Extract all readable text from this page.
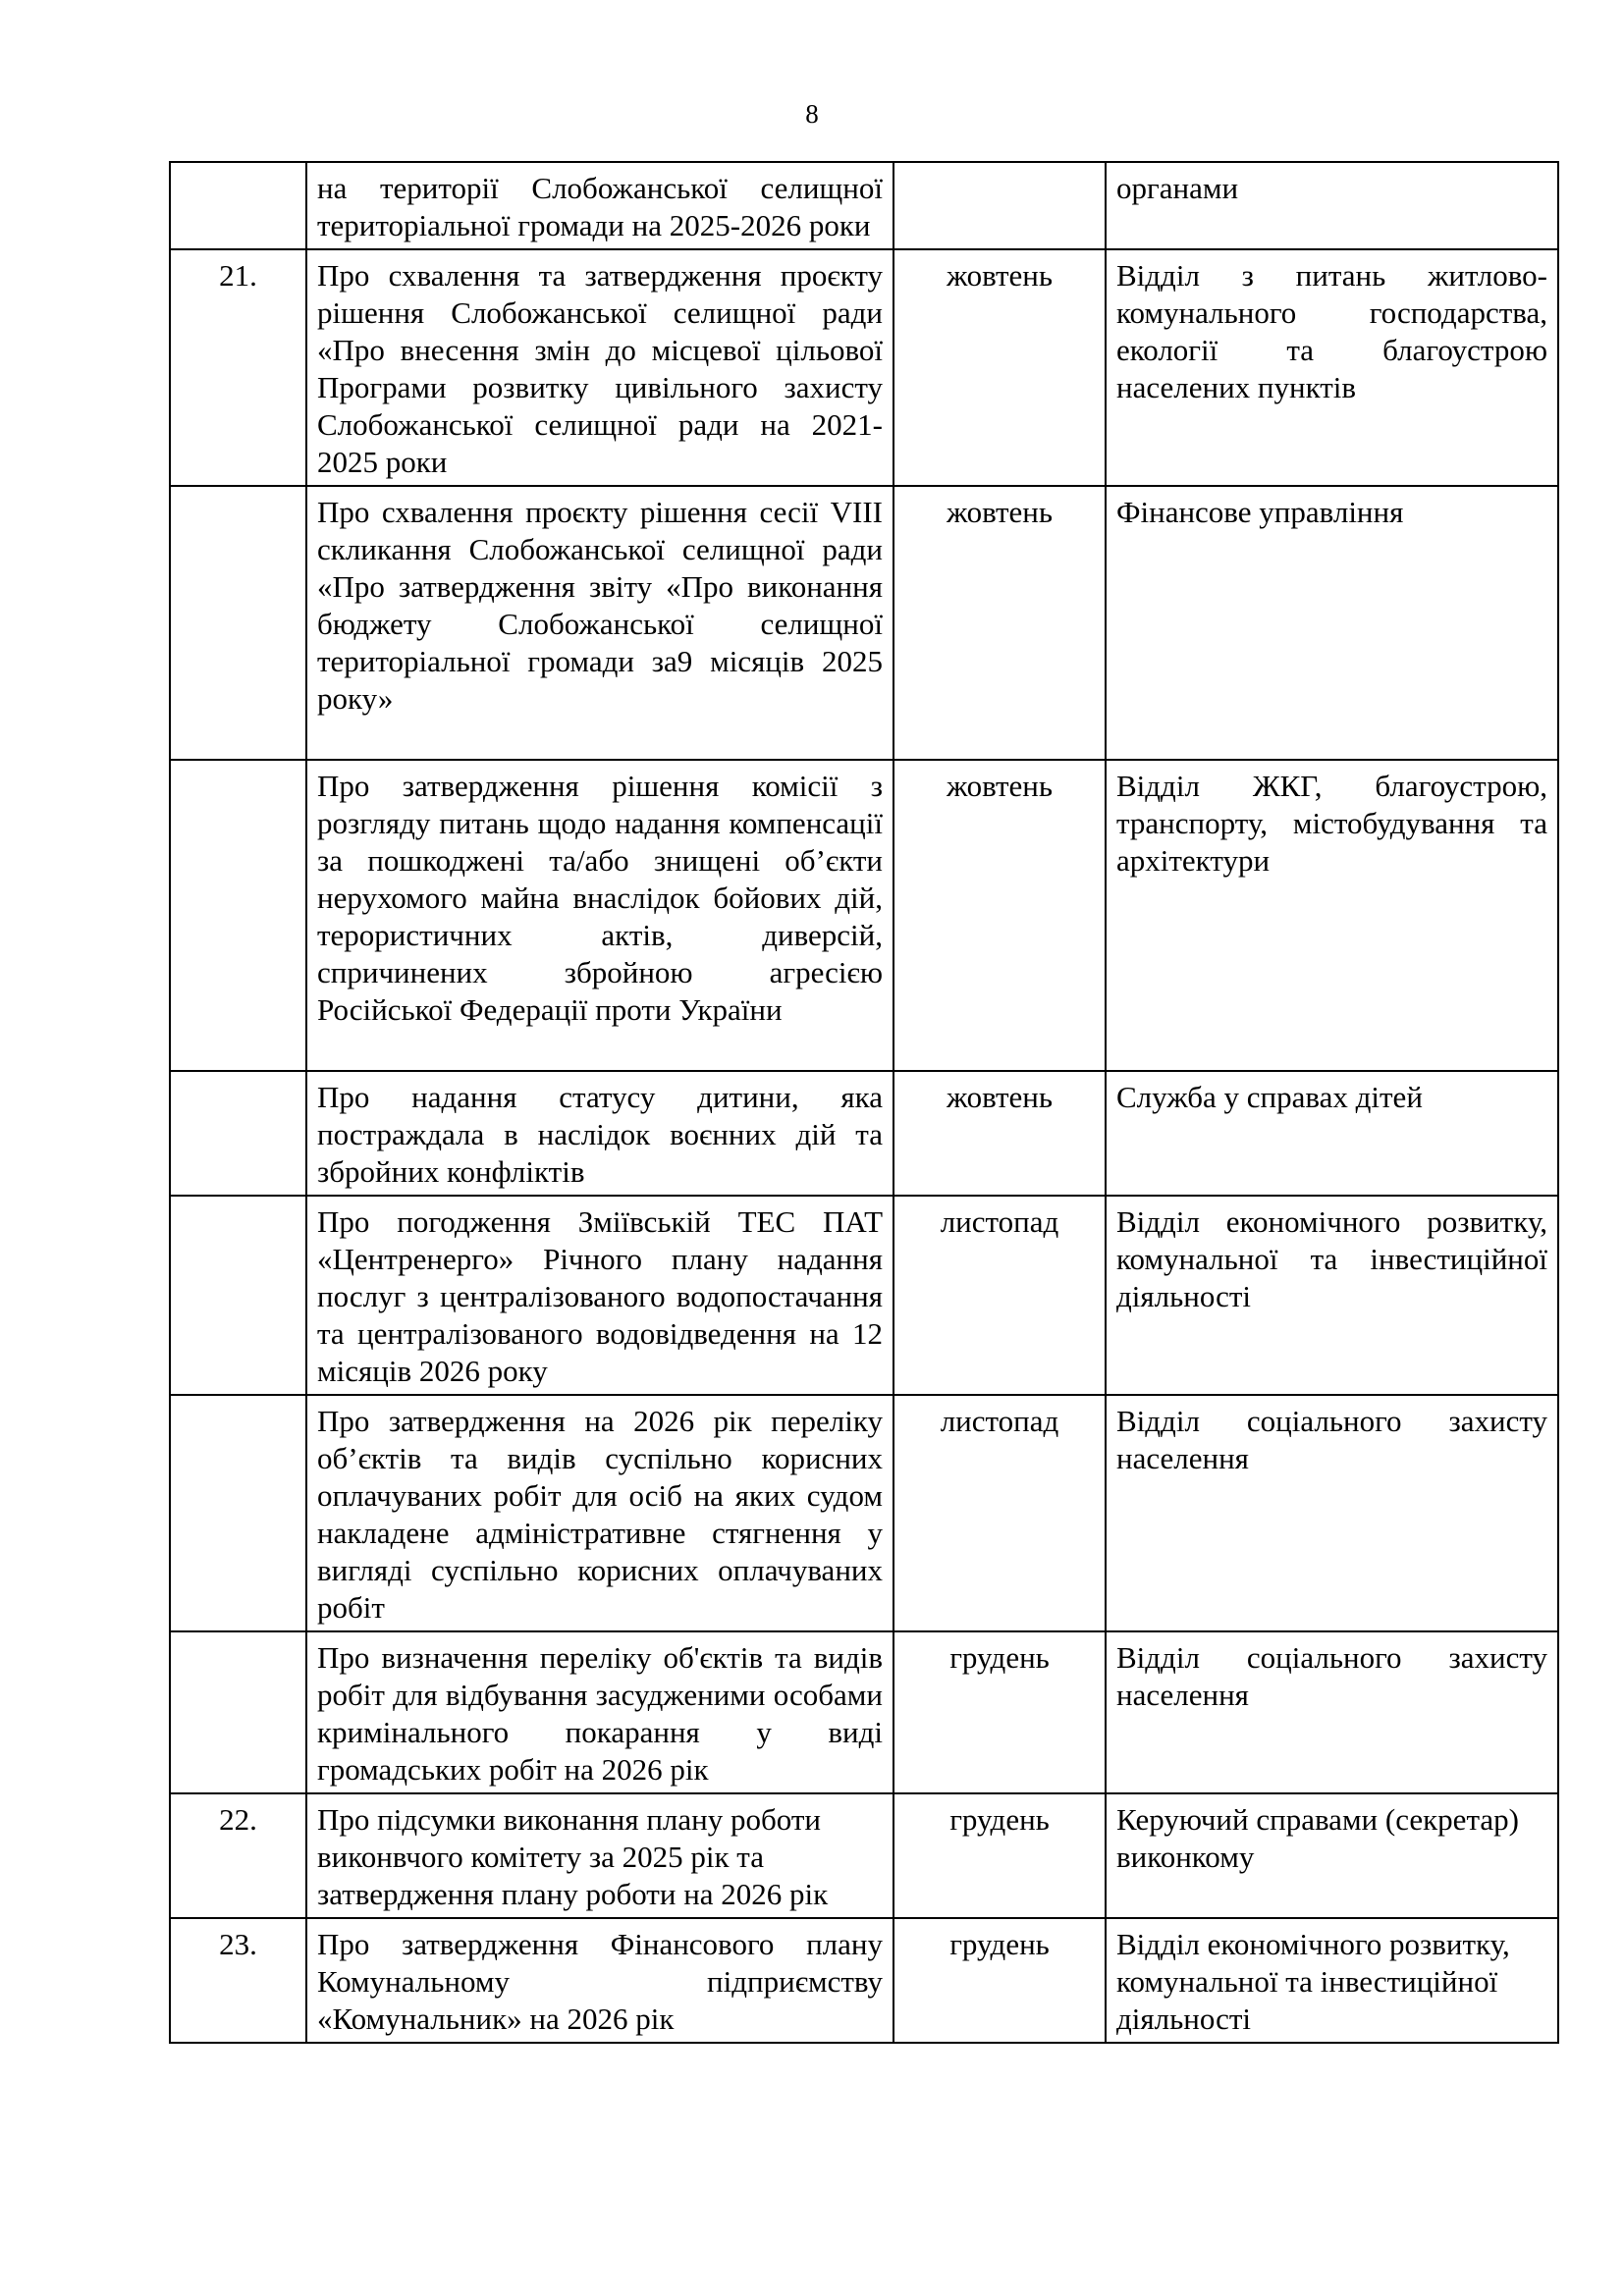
8
	на території Слобожанської селищної територіальної громади на 2025-2026 роки		органами
21.	Про схвалення та затвердження проєкту рішення Слобожанської селищної ради «Про внесення змін до місцевої цільової Програми розвитку цивільного захисту Слобожанської селищної ради на 2021-2025 роки	жовтень	Відділ з питань житлово-комунального господарства, екології та благоустрою населених пунктів
	Про схвалення проєкту рішення сесії VIII скликання Слобожанської селищної ради «Про затвердження звіту «Про виконання бюджету Слобожанської селищної територіальної громади за9 місяців 2025 року»	жовтень	Фінансове управління
	Про затвердження рішення комісії з розгляду питань щодо надання компенсації за пошкоджені та/або знищені об’єкти нерухомого майна внаслідок бойових дій, терористичних актів, диверсій, спричинених збройною агресією Російської Федерації проти України	жовтень	Відділ ЖКГ, благоустрою, транспорту, містобудування та архітектури
	Про надання статусу дитини, яка постраждала в наслідок воєнних дій та збройних конфліктів	жовтень	Служба у справах дітей
	Про погодження Зміївській ТЕС ПАТ «Центренерго» Річного плану надання послуг з централізованого водопостачання та централізованого водовідведення на 12 місяців 2026 року	листопад	Відділ економічного розвитку, комунальної та інвестиційної діяльності
	Про затвердження на 2026 рік переліку об’єктів та видів суспільно корисних оплачуваних робіт для осіб на яких судом накладене адміністративне стягнення у вигляді суспільно корисних оплачуваних робіт	листопад	Відділ соціального захисту населення
	Про визначення переліку об'єктів та видів робіт для відбування засудженими особами кримінального покарання у виді громадських робіт на 2026 рік	грудень	Відділ соціального захисту населення
22.	Про підсумки виконання плану роботи виконвчого комітету за 2025 рік та затвердження плану роботи на 2026 рік	грудень	Керуючий справами (секретар) виконкому
23.	Про затвердження Фінансового плану Комунальному підприємству «Комунальник» на 2026 рік	грудень	Відділ економічного розвитку, комунальної та інвестиційної діяльності
